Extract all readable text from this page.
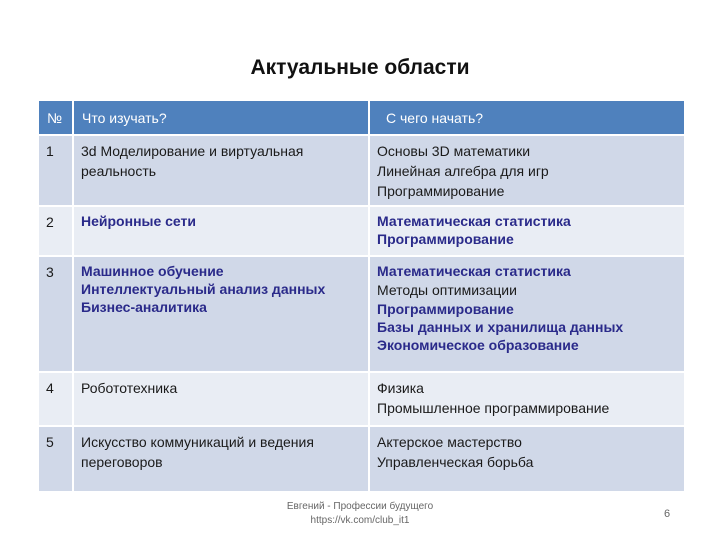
Актуальные области
№	Что изучать?	С чего начать?
1	3d Моделирование и виртуальная реальность	Основы 3D математики
Линейная алгебра для игр
Программирование

2	Нейронные сети	Математическая статистика
Программирование

3	Машинное обучение
Интеллектуальный анализ данных
Бизнес-аналитика	Математическая статистика
Методы оптимизации
Программирование
Базы данных и хранилища данных
Экономическое образование

4	Робототехника	Физика
Промышленное программирование

5	Искусство коммуникаций и ведения переговоров	Актерское мастерство
Управленческая борьба
Евгений - Профессии будущего
https://vk.com/club_it1
6
